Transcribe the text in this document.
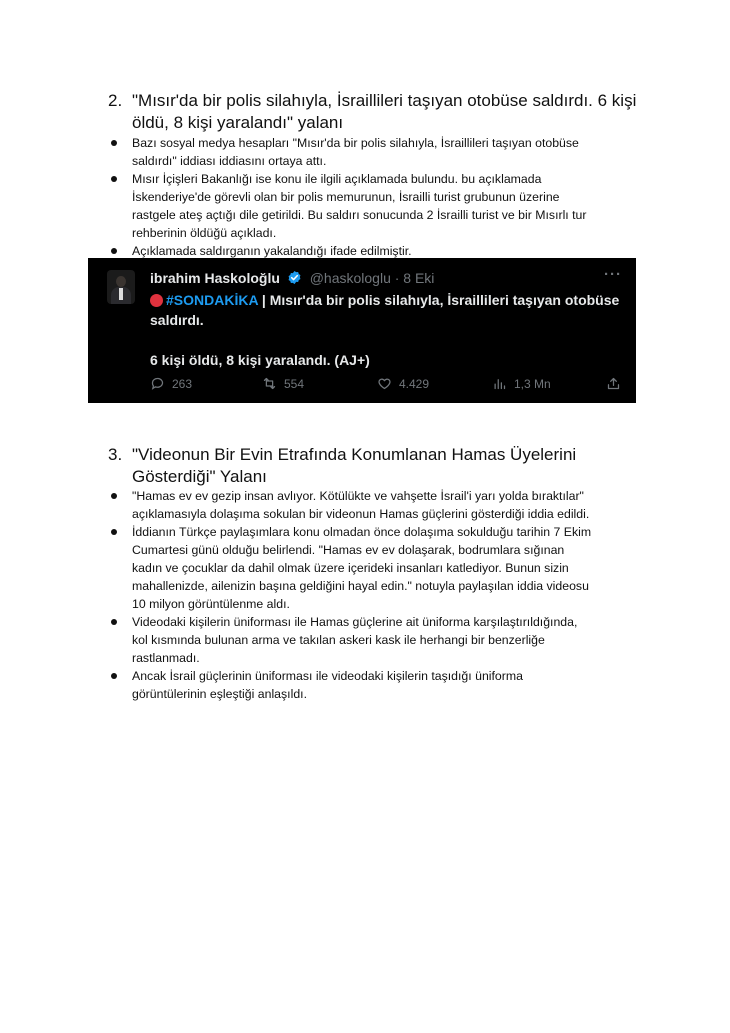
2. "Mısır'da bir polis silahıyla, İsraillileri taşıyan otobüse saldırdı. 6 kişi
öldü, 8 kişi yaralandı" yalanı
Bazı sosyal medya hesapları "Mısır'da bir polis silahıyla, İsraillileri taşıyan otobüse
saldırdı" iddiası iddiasını ortaya attı.
Mısır İçişleri Bakanlığı ise konu ile ilgili açıklamada bulundu. bu açıklamada
İskenderiye'de görevli olan bir polis memurunun, İsrailli turist grubunun üzerine
rastgele ateş açtığı dile getirildi. Bu saldırı sonucunda 2 İsrailli turist ve bir Mısırlı tur
rehberinin öldüğü açıkladı.
Açıklamada saldırganın yakalandığı ifade edilmiştir.
ibrahim Haskoloğlu @haskologlu · 8 Eki	···
#SONDAKİKA | Mısır'da bir polis silahıyla, İsraillileri taşıyan otobüse
saldırdı.
6 kişi öldü, 8 kişi yaralandı. (AJ+)
263	554	4.429	1,3 Mn
3. "Videonun Bir Evin Etrafında Konumlanan Hamas Üyelerini
Gösterdiği" Yalanı
"Hamas ev ev gezip insan avlıyor. Kötülükte ve vahşette İsrail'i yarı yolda bıraktılar"
açıklamasıyla dolaşıma sokulan bir videonun Hamas güçlerini gösterdiği iddia edildi.
İddianın Türkçe paylaşımlara konu olmadan önce dolaşıma sokulduğu tarihin 7 Ekim
Cumartesi günü olduğu belirlendi. "Hamas ev ev dolaşarak, bodrumlara sığınan
kadın ve çocuklar da dahil olmak üzere içerideki insanları katlediyor. Bunun sizin
mahallenizde, ailenizin başına geldiğini hayal edin." notuyla paylaşılan iddia videosu
10 milyon görüntülenme aldı.
Videodaki kişilerin üniforması ile Hamas güçlerine ait üniforma karşılaştırıldığında,
kol kısmında bulunan arma ve takılan askeri kask ile herhangi bir benzerliğe
rastlanmadı.
Ancak İsrail güçlerinin üniforması ile videodaki kişilerin taşıdığı üniforma
görüntülerinin eşleştiği anlaşıldı.
